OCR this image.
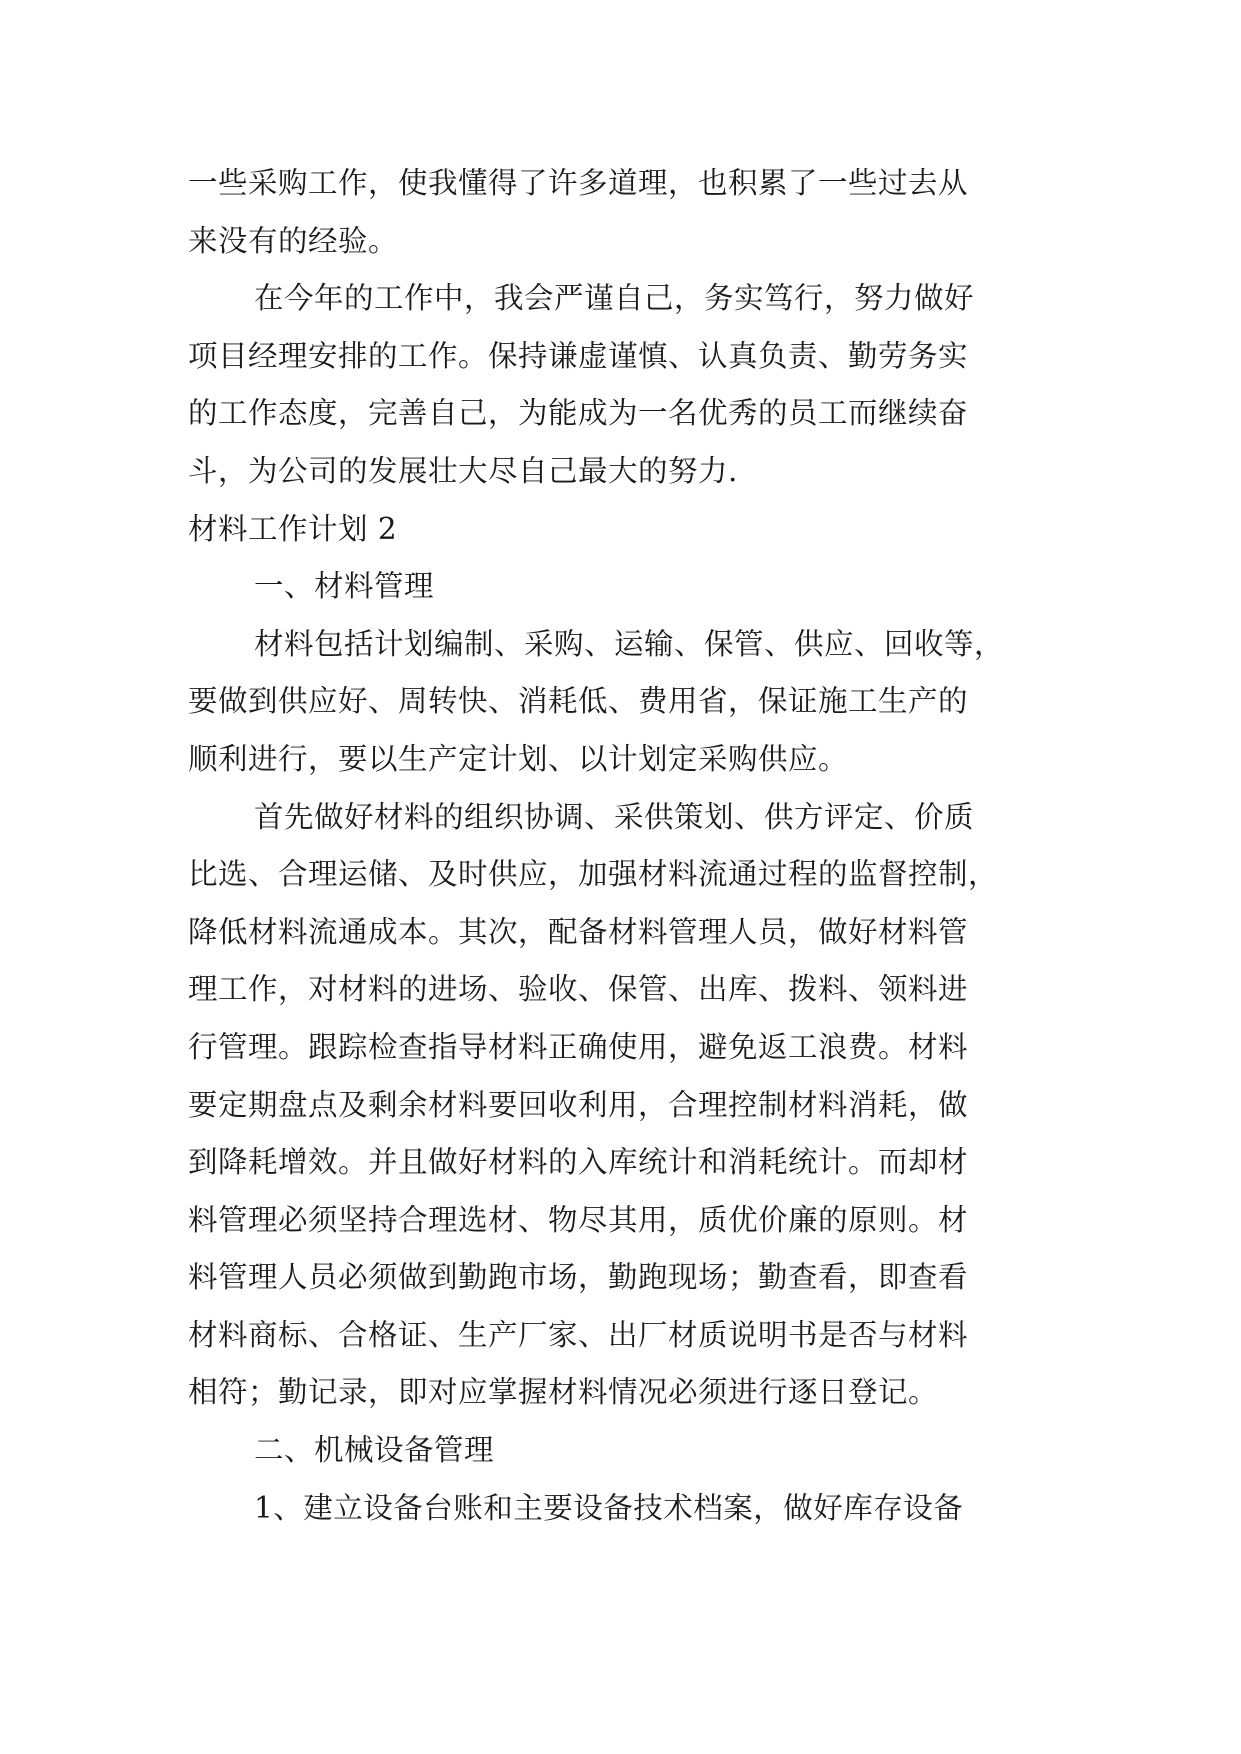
一些采购工作，使我懂得了许多道理，也积累了一些过去从
来没有的经验。
在今年的工作中，我会严谨自己，务实笃行，努力做好
项目经理安排的工作。保持谦虚谨慎、认真负责、勤劳务实
的工作态度，完善自己，为能成为一名优秀的员工而继续奋
斗，为公司的发展壮大尽自己最大的努力.
材料工作计划 2
一、材料管理
材料包括计划编制、采购、运输、保管、供应、回收等，
要做到供应好、周转快、消耗低、费用省，保证施工生产的
顺利进行，要以生产定计划、以计划定采购供应。
首先做好材料的组织协调、采供策划、供方评定、价质
比选、合理运储、及时供应，加强材料流通过程的监督控制，
降低材料流通成本。其次，配备材料管理人员，做好材料管
理工作，对材料的进场、验收、保管、出库、拨料、领料进
行管理。跟踪检查指导材料正确使用，避免返工浪费。材料
要定期盘点及剩余材料要回收利用，合理控制材料消耗，做
到降耗增效。并且做好材料的入库统计和消耗统计。而却材
料管理必须坚持合理选材、物尽其用，质优价廉的原则。材
料管理人员必须做到勤跑市场，勤跑现场；勤查看，即查看
材料商标、合格证、生产厂家、出厂材质说明书是否与材料
相符；勤记录，即对应掌握材料情况必须进行逐日登记。
二、机械设备管理
1、建立设备台账和主要设备技术档案，做好库存设备
